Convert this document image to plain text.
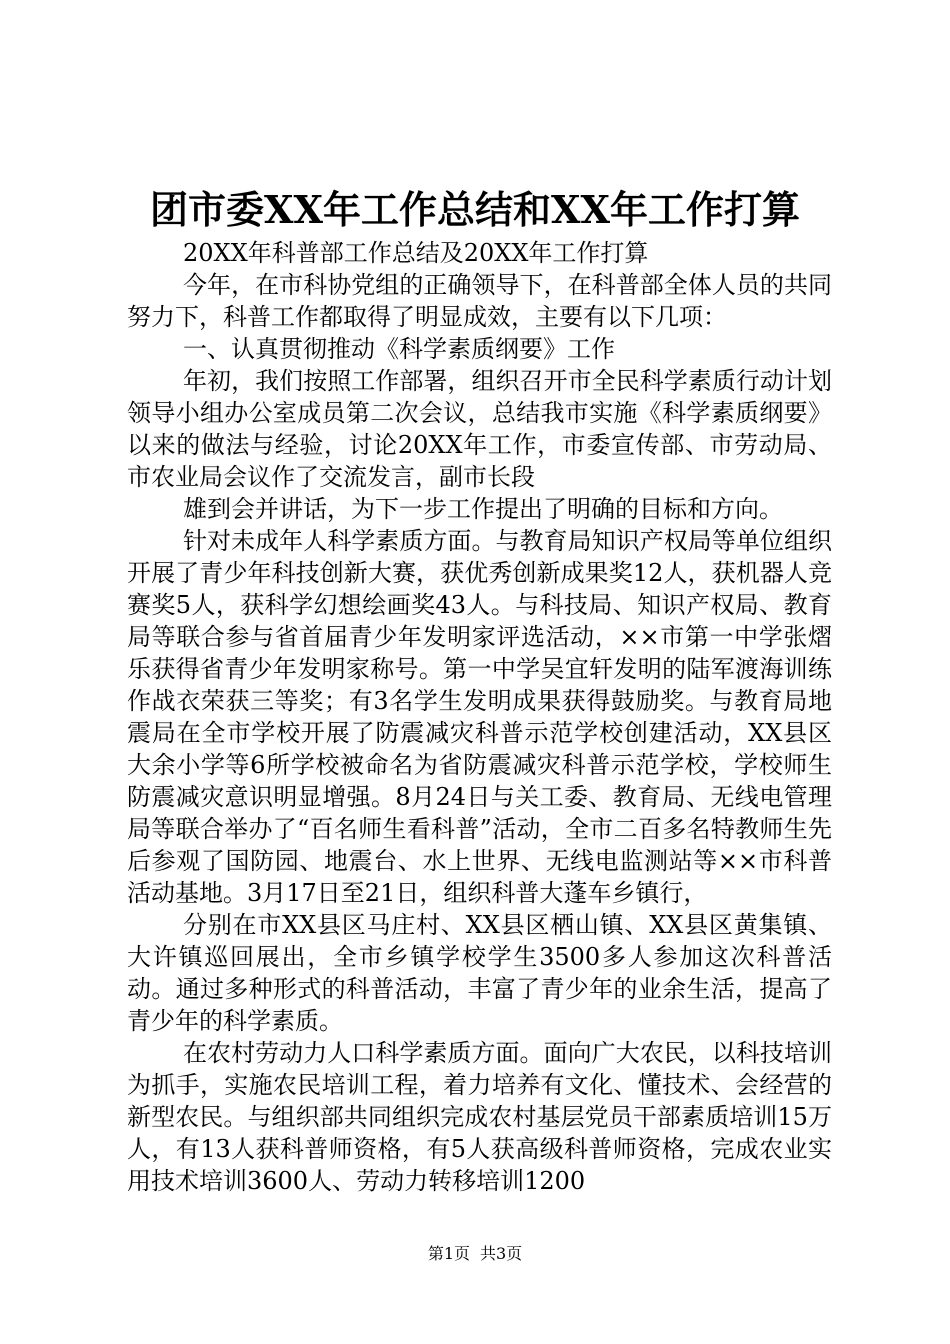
团市委XX年工作总结和XX年工作打算

20XX年科普部工作总结及20XX年工作打算

今年，在市科协党组的正确领导下，在科普部全体人员的共同努力下，科普工作都取得了明显成效，主要有以下几项：

一、认真贯彻推动《科学素质纲要》工作

年初，我们按照工作部署，组织召开市全民科学素质行动计划领导小组办公室成员第二次会议，总结我市实施《科学素质纲要》以来的做法与经验，讨论20XX年工作，市委宣传部、市劳动局、市农业局会议作了交流发言，副市长段

雄到会并讲话，为下一步工作提出了明确的目标和方向。

针对未成年人科学素质方面。与教育局知识产权局等单位组织开展了青少年科技创新大赛，获优秀创新成果奖12人，获机器人竞赛奖5人，获科学幻想绘画奖43人。与科技局、知识产权局、教育局等联合参与省首届青少年发明家评选活动，××市第一中学张熠乐获得省青少年发明家称号。第一中学吴宜轩发明的陆军渡海训练作战衣荣获三等奖；有3名学生发明成果获得鼓励奖。与教育局地震局在全市学校开展了防震减灾科普示范学校创建活动，XX县区大余小学等6所学校被命名为省防震减灾科普示范学校，学校师生防震减灾意识明显增强。8月24日与关工委、教育局、无线电管理局等联合举办了“百名师生看科普”活动，全市二百多名特教师生先后参观了国防园、地震台、水上世界、无线电监测站等××市科普活动基地。3月17日至21日，组织科普大蓬车乡镇行，

分别在市XX县区马庄村、XX县区栖山镇、XX县区黄集镇、大许镇巡回展出，全市乡镇学校学生3500多人参加这次科普活动。通过多种形式的科普活动，丰富了青少年的业余生活，提高了青少年的科学素质。

在农村劳动力人口科学素质方面。面向广大农民，以科技培训为抓手，实施农民培训工程，着力培养有文化、懂技术、会经营的新型农民。与组织部共同组织完成农村基层党员干部素质培训15万人，有13人获科普师资格，有5人获高级科普师资格，完成农业实用技术培训3600人、劳动力转移培训1200

第1页 共3页
